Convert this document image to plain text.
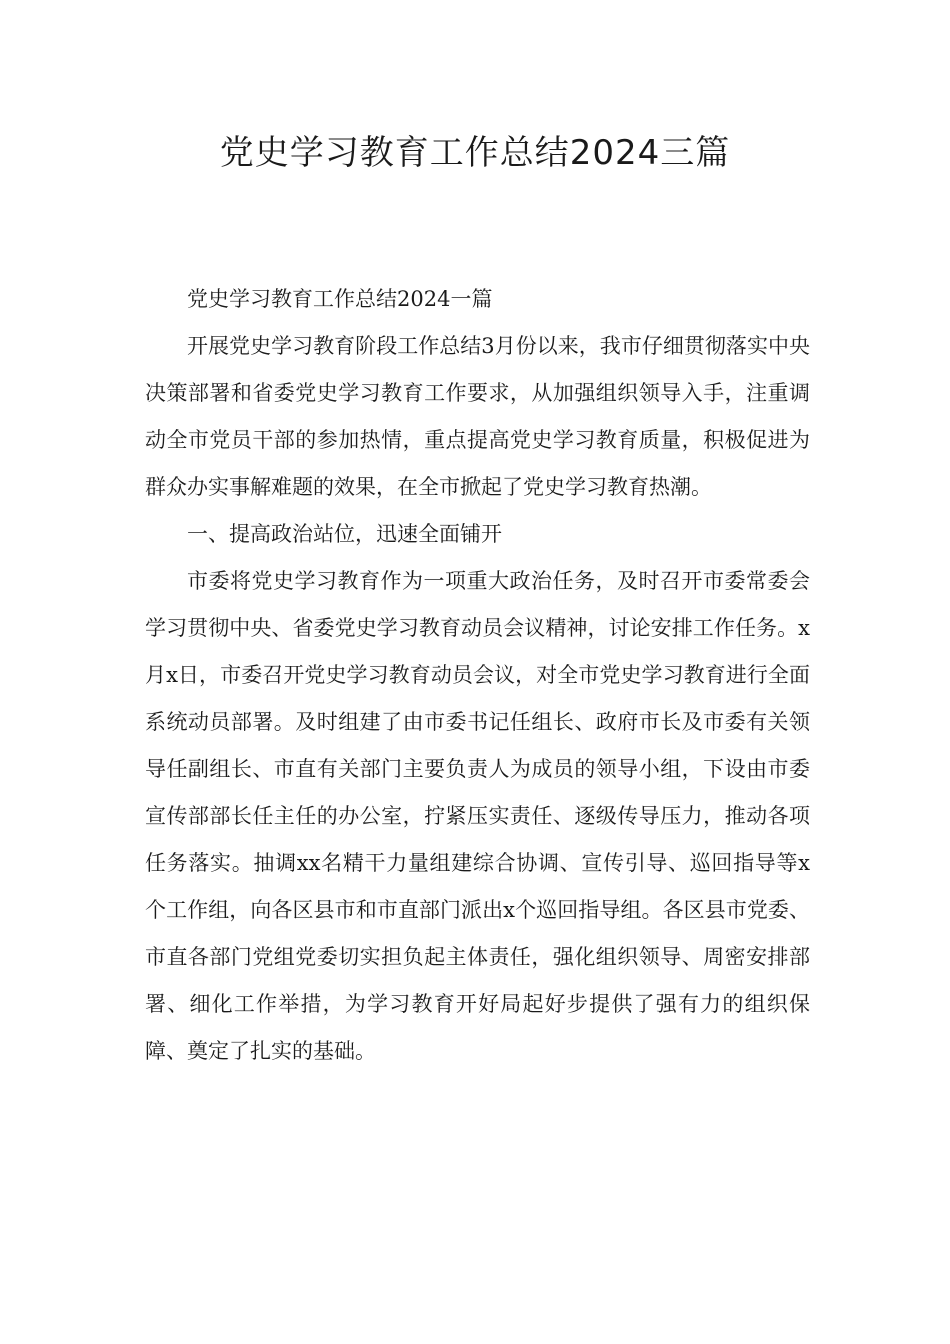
党史学习教育工作总结2024三篇

党史学习教育工作总结2024一篇

开展党史学习教育阶段工作总结3月份以来，我市仔细贯彻落实中央决策部署和省委党史学习教育工作要求，从加强组织领导入手，注重调动全市党员干部的参加热情，重点提高党史学习教育质量，积极促进为群众办实事解难题的效果，在全市掀起了党史学习教育热潮。

一、提高政治站位，迅速全面铺开

市委将党史学习教育作为一项重大政治任务，及时召开市委常委会学习贯彻中央、省委党史学习教育动员会议精神，讨论安排工作任务。x月x日，市委召开党史学习教育动员会议，对全市党史学习教育进行全面系统动员部署。及时组建了由市委书记任组长、政府市长及市委有关领导任副组长、市直有关部门主要负责人为成员的领导小组，下设由市委宣传部部长任主任的办公室，拧紧压实责任、逐级传导压力，推动各项任务落实。抽调xx名精干力量组建综合协调、宣传引导、巡回指导等x个工作组，向各区县市和市直部门派出x个巡回指导组。各区县市党委、市直各部门党组党委切实担负起主体责任，强化组织领导、周密安排部署、细化工作举措，为学习教育开好局起好步提供了强有力的组织保障、奠定了扎实的基础。
